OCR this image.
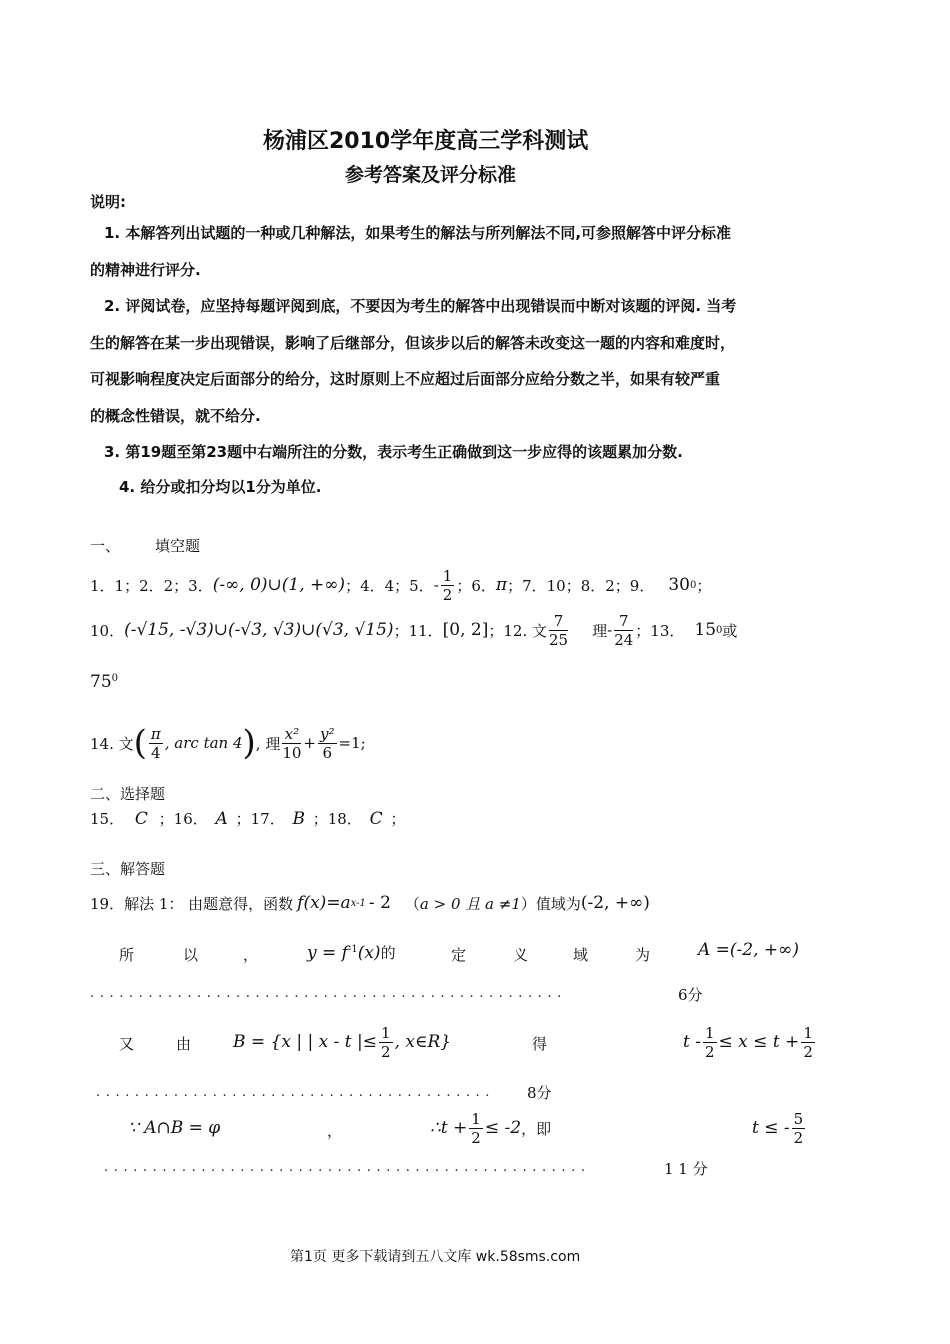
杨浦区2010学年度高三学科测试
参考答案及评分标准
说明:
1. 本解答列出试题的一种或几种解法，如果考生的解法与所列解法不同,可参照解答中评分标准
的精神进行评分.
2. 评阅试卷，应坚持每题评阅到底，不要因为考生的解答中出现错误而中断对该题的评阅. 当考
生的解答在某一步出现错误，影响了后继部分，但该步以后的解答未改变这一题的内容和难度时，
可视影响程度决定后面部分的给分，这时原则上不应超过后面部分应给分数之半，如果有较严重
的概念性错误，就不给分.
3. 第19题至第23题中右端所注的分数，表示考生正确做到这一步应得的该题累加分数.
4. 给分或扣分均以1分为单位.
一、 填空题
1．1；2．2；3． (-∞, 0)∪(1, +∞) ；4．4；5． - $\frac{1}{2}$ ；6． π ；7．10；8．2；9． 30 0 ；
10． (-√15, -√3)∪(-√3, √3)∪(√3, √15) ；11． [0, 2] ；12. 文 $\frac{7}{25}$ 理 - $\frac{7}{24}$ ；13． 15 0 或
$75^0$
14. 文 ( $\frac{\pi}{4}$ , arc tan 4 ) , 理 $\frac{\text{x²}}{10} + \frac{\text{y²}}{6} =1$;
二、选择题
15． C ；16． A ；17． B ；18． C ；
三、解答题
19．解法 1： 由题意得，函数 f(x)=a x-1 - 2 （ a > 0 且 a ≠1 ）值域为 (-2, +∞)
所	以	，	$y = f^{-1}(x)$的	定	义	域	为	A =(-2, +∞)
.................................................	6分
又	由 B = {x | | x - t |≤ $\frac{1}{2}$ , x∈R}	得	$t - \frac{1}{2} \le x \le t + \frac{1}{2}$
......................................... 8分
∵ A∩B = φ	，	∴t + $\frac{1}{2} \le -2$ ，即	t ≤ - $\frac{5}{2}$
..................................................	1 1 分
第1页 更多下载请到五八文库 wk.58sms.com
